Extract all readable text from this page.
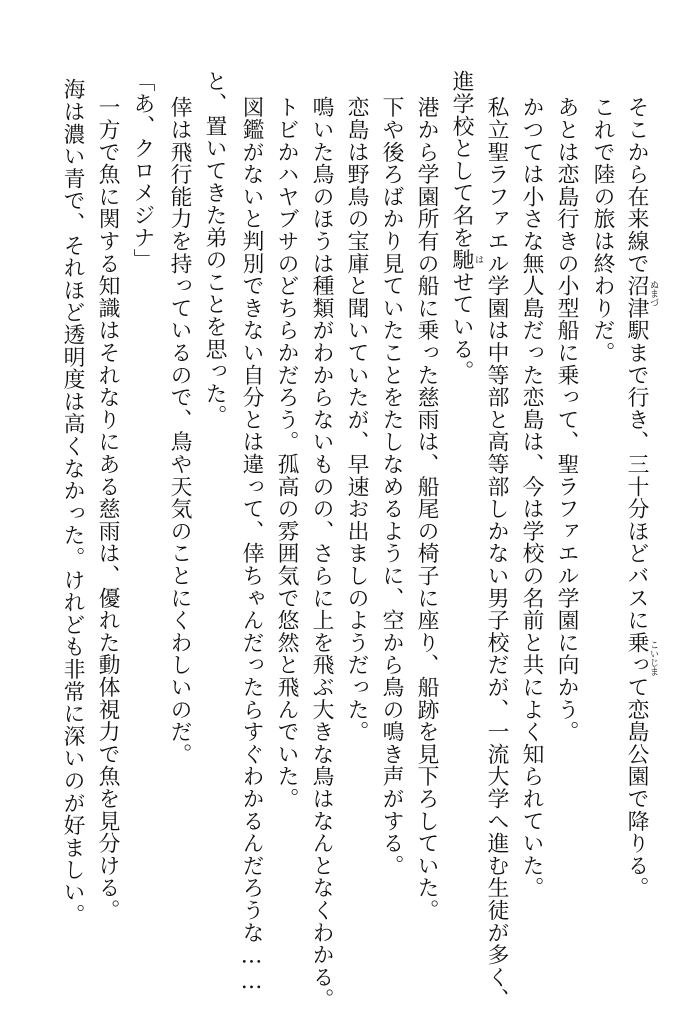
そこから在来線で沼津駅まで行き、三十分ほどバスに乗って恋島公園で降りる。

これで陸の旅は終わりだ。

あとは恋島行きの小型船に乗って、聖ラファエル学園に向かう。

かつては小さな無人島だった恋島は、今は学校の名前と共によく知られていた。

私立聖ラファエル学園は中等部と高等部しかない男子校だが、一流大学へ進む生徒が多く、

進学校として名を馳せている。

港から学園所有の船に乗った慈雨は、船尾の椅子に座り、船跡を見下ろしていた。

下や後ろばかり見ていたことをたしなめるように、空から鳥の鳴き声がする。

恋島は野鳥の宝庫と聞いていたが、早速お出ましのようだった。

鳴いた鳥のほうは種類がわからないものの、さらに上を飛ぶ大きな鳥はなんとなくわかる。

トビかハヤブサのどちらかだろう。孤高の雰囲気で悠然と飛んでいた。

図鑑がないと判別できない自分とは違って、倖ちゃんだったらすぐわかるんだろうな……

と、置いてきた弟のことを思った。

倖は飛行能力を持っているので、鳥や天気のことにくわしいのだ。

「あ、クロメジナ」

一方で魚に関する知識はそれなりにある慈雨は、優れた動体視力で魚を見分ける。

海は濃い青で、それほど透明度は高くなかった。けれども非常に深いのが好ましい。	ぬまづ
こいじま
は
